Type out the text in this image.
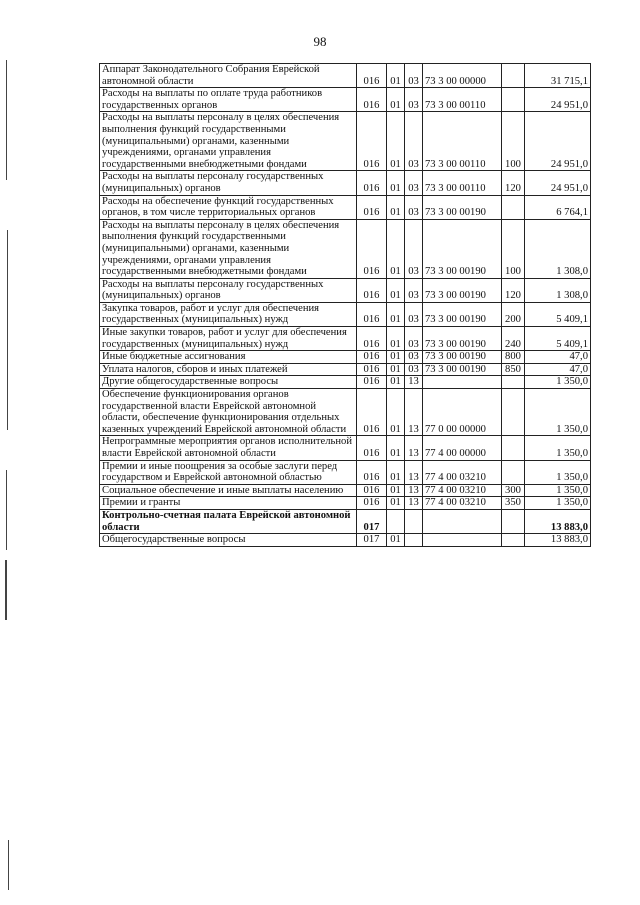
98
Аппарат Законодательного Собрания Еврейской автономной области	016	01	03	73 3 00 00000		31 715,1
Расходы на выплаты по оплате труда работников государственных органов	016	01	03	73 3 00 00110		24 951,0
Расходы на выплаты персоналу в целях обеспечения выполнения функций государственными (муниципальными) органами, казенными учреждениями, органами управления государственными внебюджетными фондами	016	01	03	73 3 00 00110	100	24 951,0
Расходы на выплаты персоналу государственных (муниципальных) органов	016	01	03	73 3 00 00110	120	24 951,0
Расходы на обеспечение функций государственных органов, в том числе территориальных органов	016	01	03	73 3 00 00190		6 764,1
Расходы на выплаты персоналу в целях обеспечения выполнения функций государственными (муниципальными) органами, казенными учреждениями, органами управления государственными внебюджетными фондами	016	01	03	73 3 00 00190	100	1 308,0
Расходы на выплаты персоналу государственных (муниципальных) органов	016	01	03	73 3 00 00190	120	1 308,0
Закупка товаров, работ и услуг для обеспечения государственных (муниципальных) нужд	016	01	03	73 3 00 00190	200	5 409,1
Иные закупки товаров, работ и услуг для обеспечения государственных (муниципальных) нужд	016	01	03	73 3 00 00190	240	5 409,1
Иные бюджетные ассигнования	016	01	03	73 3 00 00190	800	47,0
Уплата налогов, сборов и иных платежей	016	01	03	73 3 00 00190	850	47,0
Другие общегосударственные вопросы	016	01	13			1 350,0
Обеспечение функционирования органов государственной власти Еврейской автономной области, обеспечение функционирования отдельных казенных учреждений Еврейской автономной области	016	01	13	77 0 00 00000		1 350,0
Непрограммные мероприятия органов исполнительной власти Еврейской автономной области	016	01	13	77 4 00 00000		1 350,0
Премии и иные поощрения за особые заслуги перед государством и Еврейской автономной областью	016	01	13	77 4 00 03210		1 350,0
Социальное обеспечение и иные выплаты населению	016	01	13	77 4 00 03210	300	1 350,0
Премии и гранты	016	01	13	77 4 00 03210	350	1 350,0
Контрольно-счетная палата Еврейской автономной области	017					13 883,0
Общегосударственные вопросы	017	01				13 883,0
